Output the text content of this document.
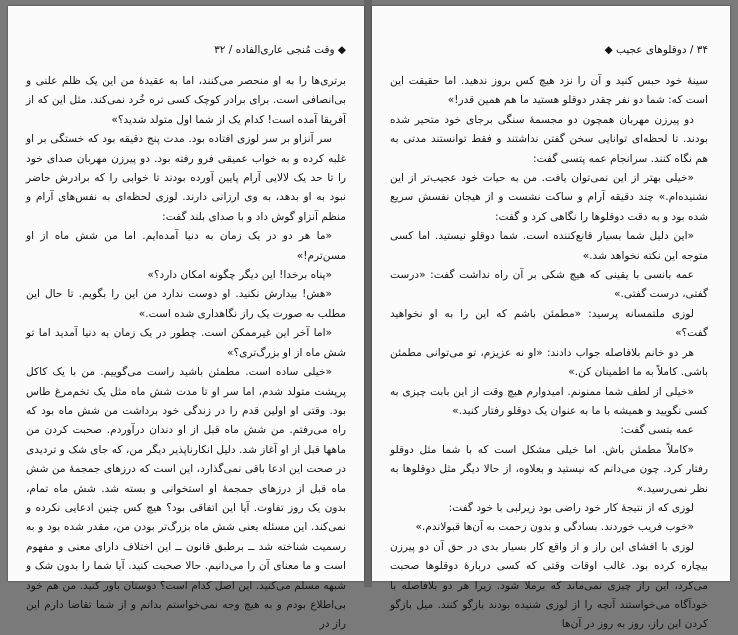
◆ وقت مُنجی عاری‌الفاده / ۳۲

برتری‌ها را به او منحصر می‌کنند، اما به عقیدهٔ من این یک ظلم علنی و بی‌انصافی است. برای برادر کوچک کسی تره خُرد نمی‌کند. مثل این که از آفریقا آمده است! کدام یک از شما اول متولد شدید؟»

سر آنزاو بر سر لوزی افتاده بود. مدت پنج دقیقه بود که خستگی بر او غلبه کرده و به خواب عمیقی فرو رفته بود. دو پیرزن مهربان صدای خود را تا حد یک لالایی آرام پایین آورده بودند تا خوابی را که برادرش حاضر نبود به او بدهد، به وی ارزانی دارند. لوزی لحظه‌ای به نفس‌های آرام و منظم آنزاو گوش داد و با صدای بلند گفت:

«ما هر دو در یک زمان به دنیا آمده‌ایم. اما من شش ماه از او مسن‌ترم!»

«پناه برخدا! این دیگر چگونه امکان دارد؟»

«هش! بیدارش نکنید. او دوست ندارد من این را بگویم. تا حال این مطلب به صورت یک راز نگاهداری شده است.»

«اما آخر این غیرممکن است. چطور در یک زمان به دنیا آمدید اما تو شش ماه از او بزرگ‌تری؟»

«خیلی ساده است. مطمئن باشید راست می‌گوییم. من با یک کاکل پرپشت متولد شدم، اما سر او تا مدت شش ماه مثل یک تخم‌مرغ طاس بود. وقتی او اولین قدم را در زندگی خود برداشت من شش ماه بود که راه می‌رفتم. من شش ماه قبل از او دندان درآوردم. صحبت کردن من ماهها قبل از او آغاز شد. دلیل انکارناپذیر دیگر من، که جای شک و تردیدی در صحت این ادعا باقی نمی‌گذارد، این است که درزهای جمجمهٔ من شش ماه قبل از درزهای جمجمهٔ او استخوانی و بسته شد. شش ماه تمام، بدون یک روز تفاوت. آیا این اتفاقی بود؟ هیچ کس چنین ادعایی نکرده و نمی‌کند. این مسئله یعنی شش ماه بزرگ‌تر بودن من، مقدر شده بود و به رسمیت شناخته شد ــ برطبق قانون ــ این اختلاف دارای معنی و مفهوم است و ما معنای آن را می‌دانیم. حالا صحبت کنید. آیا شما را بدون شک و شبهه مسلم می‌کنید. این اصل کدام است؟ دوستان باور کنید. من هم خود بی‌اطلاع بودم و به هیچ وجه نمی‌خواستم بدانم و از شما تقاضا دارم این راز در

۳۴ / دوقلوهای عجیب ◆

سینهٔ خود حبس کنید و آن را نزد هیچ کس بروز ندهید. اما حقیقت این است که: شما دو نفر چقدر دوقلو هستید ما هم همین قدر!»

دو پیرزن مهربان همچون دو مجسمهٔ سنگی برجای خود متحیر شده بودند. تا لحظه‌ای توانایی سخن گفتن نداشتند و فقط توانستند مدتی به هم نگاه کنند. سرانجام عمه پتسی گفت:

«خیلی بهتر از این نمی‌توان یافت. من به حیات خود عجیب‌تر از این نشنیده‌ام.» چند دقیقه آرام و ساکت نشست و از هیجان نفسش سریع شده بود و به دقت دوقلوها را نگاهی کرد و گفت:

«این دلیل شما بسیار قانع‌کننده است. شما دوقلو نیستید. اما کسی متوجه این نکته نخواهد شد.»

عمه بانسی با یقینی که هیچ شکی بر آن راه نداشت گفت: «درست گفتی، درست گفتی.»

لوزی ملتمسانه پرسید: «مطمئن باشم که این را به او نخواهید گفت؟»

هر دو خانم بلافاصله جواب دادند: «او نه عزیزم، تو می‌توانی مطمئن باشی. کاملاً به ما اطمینان کن.»

«خیلی از لطف شما ممنونم. امیدوارم هیچ وقت از این بابت چیزی به کسی نگویید و همیشه با ما به عنوان یک دوقلو رفتار کنید.»

عمه بتسی گفت:

«کاملاً مطمئن باش. اما خیلی مشکل است که با شما مثل دوقلو رفتار کرد. چون می‌دانم که نیستید و بعلاوه، از حالا دیگر مثل دوقلوها به نظر نمی‌رسید.»

لوزی که از نتیجهٔ کار خود راضی بود زیرلبی با خود گفت:

«خوب فریب خوردند. بسادگی و بدون زحمت به آن‌ها قبولاندم.»

لوزی با افشای این راز و از واقع کار بسیار بدی در حق آن دو پیرزن بیچاره کرده بود. غالب اوقات وقتی که کسی دربارهٔ دوقلوها صحبت می‌کرد، این راز چیزی نمی‌ماند که برملا شود. زیرا هر دو بلافاصله با خودآگاه می‌خواستند آنچه را از لوزی شنیده بودند بازگو کنند. میل بازگو کردن این راز، روز به روز در آن‌ها
